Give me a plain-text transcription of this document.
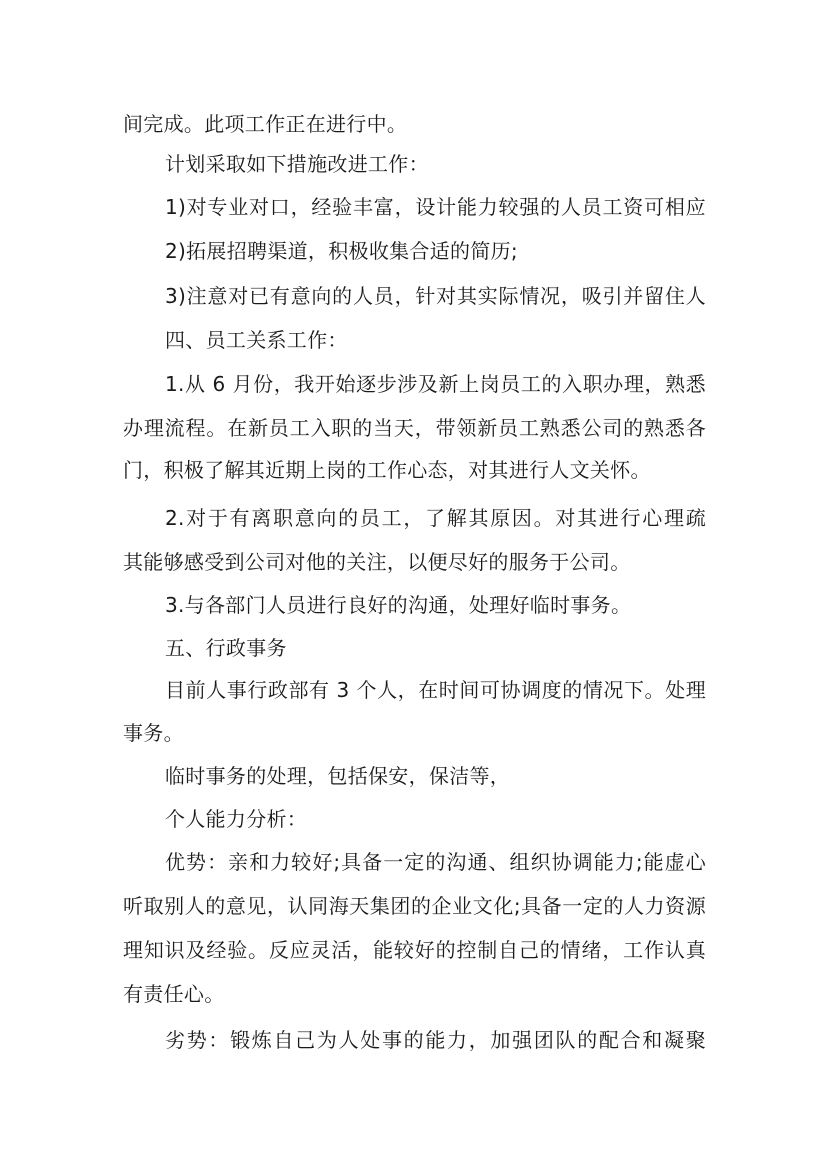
间完成。此项工作正在进行中。
计划采取如下措施改进工作：
1)对专业对口，经验丰富，设计能力较强的人员工资可相应
2)拓展招聘渠道，积极收集合适的简历;
3)注意对已有意向的人员，针对其实际情况，吸引并留住人
四、员工关系工作：
1.从 6 月份，我开始逐步涉及新上岗员工的入职办理，熟悉
办理流程。在新员工入职的当天，带领新员工熟悉公司的熟悉各
门，积极了解其近期上岗的工作心态，对其进行人文关怀。
2.对于有离职意向的员工，了解其原因。对其进行心理疏
其能够感受到公司对他的关注，以便尽好的服务于公司。
3.与各部门人员进行良好的沟通，处理好临时事务。
五、行政事务
目前人事行政部有 3 个人，在时间可协调度的情况下。处理
事务。
临时事务的处理，包括保安，保洁等，
个人能力分析：
优势：亲和力较好;具备一定的沟通、组织协调能力;能虚心
听取别人的意见，认同海天集团的企业文化;具备一定的人力资源
理知识及经验。反应灵活，能较好的控制自己的情绪，工作认真
有责任心。
劣势：锻炼自己为人处事的能力，加强团队的配合和凝聚
